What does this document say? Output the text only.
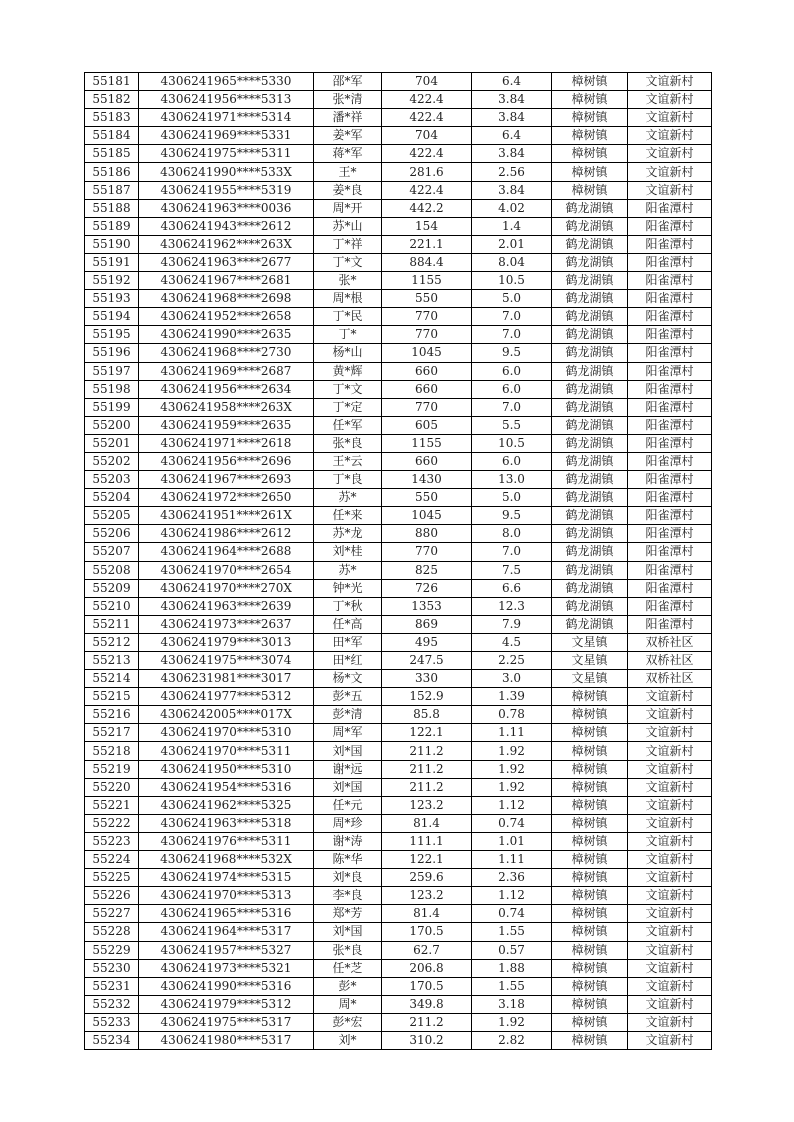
55181	4306241965****5330	邵*军	704	6.4	樟树镇	文谊新村
55182	4306241956****5313	张*清	422.4	3.84	樟树镇	文谊新村
55183	4306241971****5314	潘*祥	422.4	3.84	樟树镇	文谊新村
55184	4306241969****5331	姜*军	704	6.4	樟树镇	文谊新村
55185	4306241975****5311	蒋*军	422.4	3.84	樟树镇	文谊新村
55186	4306241990****533X	王*	281.6	2.56	樟树镇	文谊新村
55187	4306241955****5319	姜*良	422.4	3.84	樟树镇	文谊新村
55188	4306241963****0036	周*开	442.2	4.02	鹤龙湖镇	阳雀潭村
55189	4306241943****2612	苏*山	154	1.4	鹤龙湖镇	阳雀潭村
55190	4306241962****263X	丁*祥	221.1	2.01	鹤龙湖镇	阳雀潭村
55191	4306241963****2677	丁*文	884.4	8.04	鹤龙湖镇	阳雀潭村
55192	4306241967****2681	张*	1155	10.5	鹤龙湖镇	阳雀潭村
55193	4306241968****2698	周*根	550	5.0	鹤龙湖镇	阳雀潭村
55194	4306241952****2658	丁*民	770	7.0	鹤龙湖镇	阳雀潭村
55195	4306241990****2635	丁*	770	7.0	鹤龙湖镇	阳雀潭村
55196	4306241968****2730	杨*山	1045	9.5	鹤龙湖镇	阳雀潭村
55197	4306241969****2687	黄*辉	660	6.0	鹤龙湖镇	阳雀潭村
55198	4306241956****2634	丁*文	660	6.0	鹤龙湖镇	阳雀潭村
55199	4306241958****263X	丁*定	770	7.0	鹤龙湖镇	阳雀潭村
55200	4306241959****2635	任*军	605	5.5	鹤龙湖镇	阳雀潭村
55201	4306241971****2618	张*良	1155	10.5	鹤龙湖镇	阳雀潭村
55202	4306241956****2696	王*云	660	6.0	鹤龙湖镇	阳雀潭村
55203	4306241967****2693	丁*良	1430	13.0	鹤龙湖镇	阳雀潭村
55204	4306241972****2650	苏*	550	5.0	鹤龙湖镇	阳雀潭村
55205	4306241951****261X	任*来	1045	9.5	鹤龙湖镇	阳雀潭村
55206	4306241986****2612	苏*龙	880	8.0	鹤龙湖镇	阳雀潭村
55207	4306241964****2688	刘*桂	770	7.0	鹤龙湖镇	阳雀潭村
55208	4306241970****2654	苏*	825	7.5	鹤龙湖镇	阳雀潭村
55209	4306241970****270X	钟*光	726	6.6	鹤龙湖镇	阳雀潭村
55210	4306241963****2639	丁*秋	1353	12.3	鹤龙湖镇	阳雀潭村
55211	4306241973****2637	任*高	869	7.9	鹤龙湖镇	阳雀潭村
55212	4306241979****3013	田*军	495	4.5	文星镇	双桥社区
55213	4306241975****3074	田*红	247.5	2.25	文星镇	双桥社区
55214	4306231981****3017	杨*文	330	3.0	文星镇	双桥社区
55215	4306241977****5312	彭*五	152.9	1.39	樟树镇	文谊新村
55216	4306242005****017X	彭*清	85.8	0.78	樟树镇	文谊新村
55217	4306241970****5310	周*军	122.1	1.11	樟树镇	文谊新村
55218	4306241970****5311	刘*国	211.2	1.92	樟树镇	文谊新村
55219	4306241950****5310	谢*远	211.2	1.92	樟树镇	文谊新村
55220	4306241954****5316	刘*国	211.2	1.92	樟树镇	文谊新村
55221	4306241962****5325	任*元	123.2	1.12	樟树镇	文谊新村
55222	4306241963****5318	周*珍	81.4	0.74	樟树镇	文谊新村
55223	4306241976****5311	谢*涛	111.1	1.01	樟树镇	文谊新村
55224	4306241968****532X	陈*华	122.1	1.11	樟树镇	文谊新村
55225	4306241974****5315	刘*良	259.6	2.36	樟树镇	文谊新村
55226	4306241970****5313	李*良	123.2	1.12	樟树镇	文谊新村
55227	4306241965****5316	郑*芳	81.4	0.74	樟树镇	文谊新村
55228	4306241964****5317	刘*国	170.5	1.55	樟树镇	文谊新村
55229	4306241957****5327	张*良	62.7	0.57	樟树镇	文谊新村
55230	4306241973****5321	任*芝	206.8	1.88	樟树镇	文谊新村
55231	4306241990****5316	彭*	170.5	1.55	樟树镇	文谊新村
55232	4306241979****5312	周*	349.8	3.18	樟树镇	文谊新村
55233	4306241975****5317	彭*宏	211.2	1.92	樟树镇	文谊新村
55234	4306241980****5317	刘*	310.2	2.82	樟树镇	文谊新村
